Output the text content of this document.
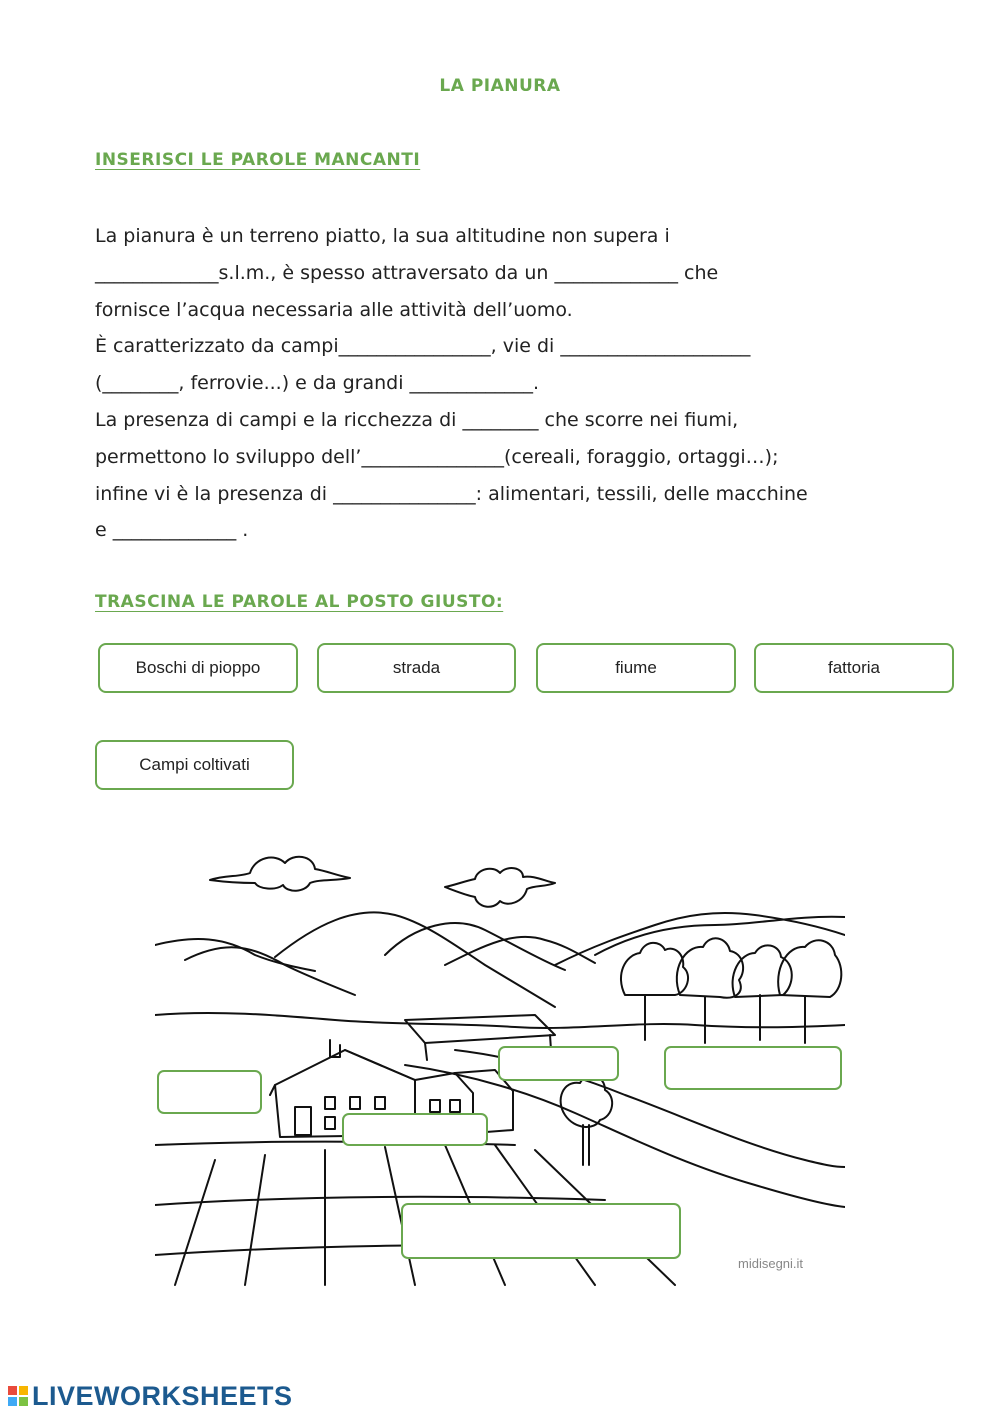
LA PIANURA
INSERISCI LE PAROLE MANCANTI
La pianura è un terreno piatto, la sua altitudine non supera i
_____________s.l.m., è spesso attraversato da un _____________ che
fornisce l’acqua necessaria alle attività dell’uomo.
È caratterizzato da campi________________, vie di ____________________
(________, ferrovie...) e da grandi _____________.
La presenza di campi e la ricchezza di ________ che scorre nei fiumi,
permettono lo sviluppo dell’_______________(cereali, foraggio, ortaggi…);
infine vi è la presenza di _______________: alimentari, tessili, delle macchine
e _____________ .
TRASCINA LE PAROLE AL POSTO GIUSTO:
Boschi di pioppo	strada	fiume	fattoria
Campi coltivati
midisegni.it
LIVEWORKSHEETS
